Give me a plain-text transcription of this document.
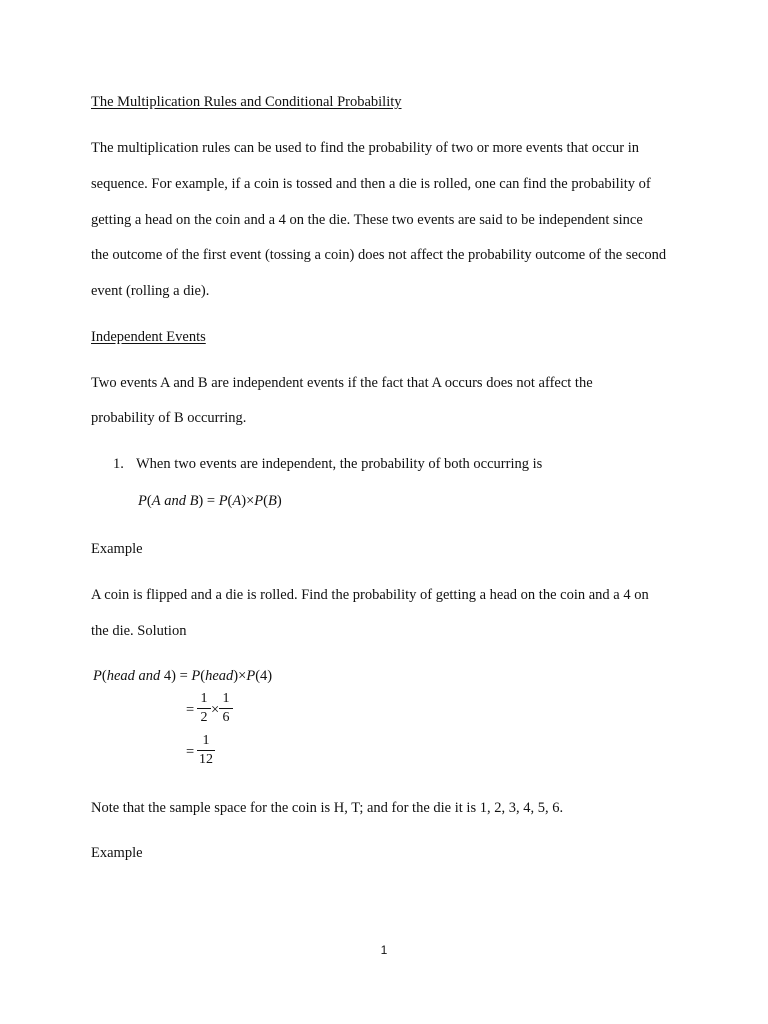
The Multiplication Rules and Conditional Probability
The multiplication rules can be used to find the probability of two or more events that occur in
sequence. For example, if a coin is tossed and then a die is rolled, one can find the probability of
getting a head on the coin and a 4 on the die. These two events are said to be independent since
the outcome of the first event (tossing a coin) does not affect the probability outcome of the second
event (rolling a die).
Independent Events
Two events A and B are independent events if the fact that A occurs does not affect the
probability of B occurring.
1. When two events are independent, the probability of both occurring is
P(A and B) = P(A)×P(B)
Example
A coin is flipped and a die is rolled. Find the probability of getting a head on the coin and a 4 on
the die. Solution
P(head and 4) = P(head)×P(4)
=
1
2 ×
1
6
=
1
12
Note that the sample space for the coin is H, T; and for the die it is 1, 2, 3, 4, 5, 6.
Example
1
